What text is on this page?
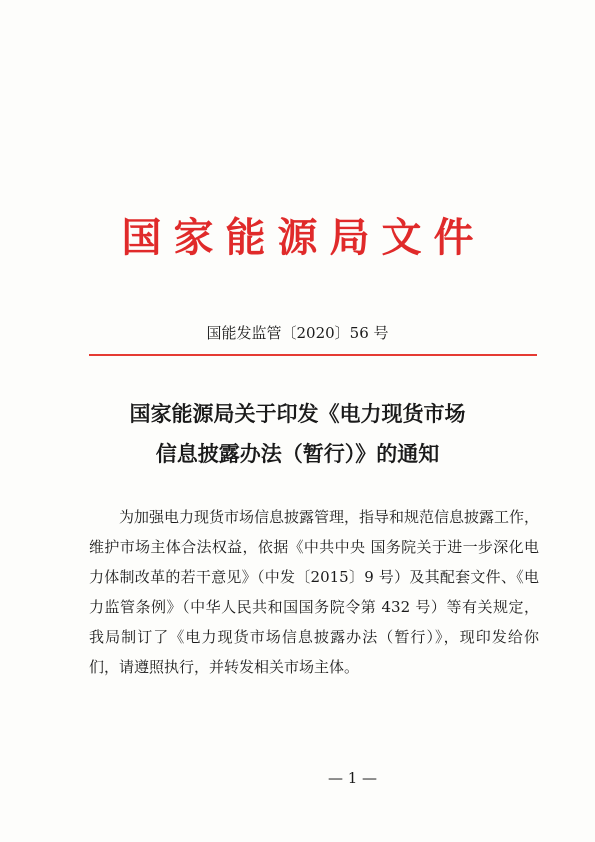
国家能源局文件
国能发监管〔2020〕56 号
国家能源局关于印发《电力现货市场
信息披露办法（暂行）》的通知
为加强电力现货市场信息披露管理，指导和规范信息披露工作，
维护市场主体合法权益，依据《中共中央 国务院关于进一步深化电
力体制改革的若干意见》（中发〔2015〕9 号）及其配套文件、《电
力监管条例》（中华人民共和国国务院令第 432 号）等有关规定，
我局制订了《电力现货市场信息披露办法（暂行）》，现印发给你
们，请遵照执行，并转发相关市场主体。
— 1 —
